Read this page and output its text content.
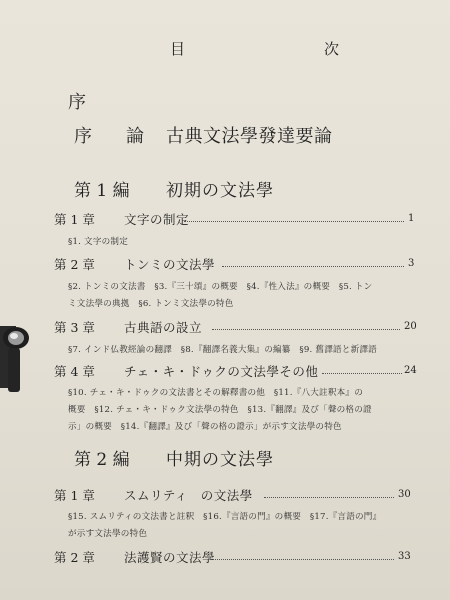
目　次
序
序　論 古典文法學發達要論
第 1 編 初期の文法學
第 1 章 文字の制定	1
§1. 文字の制定
第 2 章 トンミの文法學	3
§2. トンミの文法書　§3.『三十頌』の概要　§4.『性入法』の概要　§5. トン
ミ文法學の典拠　§6. トンミ文法學の特色
第 3 章 古典語の設立	20
§7. インド仏教經論の翻譯　§8.『翻譯名義大集』の編纂　§9. 舊譯語と新譯語
第 4 章 チェ・キ・ドゥクの文法學その他	24
§10. チェ・キ・ドゥクの文法書とその解釋書の他　§11.『八大註釈本』の
概要　§12. チェ・キ・ドゥク文法學の特色　§13.『翻譯』及び「聲の格の證
示」の概要　§14.『翻譯』及び「聲の格の證示」が示す文法學の特色
第 2 編 中期の文法學
第 1 章 スムリティ　の文法學	30
§15. スムリティの文法書と註釈　§16.『言語の門』の概要　§17.『言語の門』
が示す文法學の特色
第 2 章 法護賢の文法學	33
